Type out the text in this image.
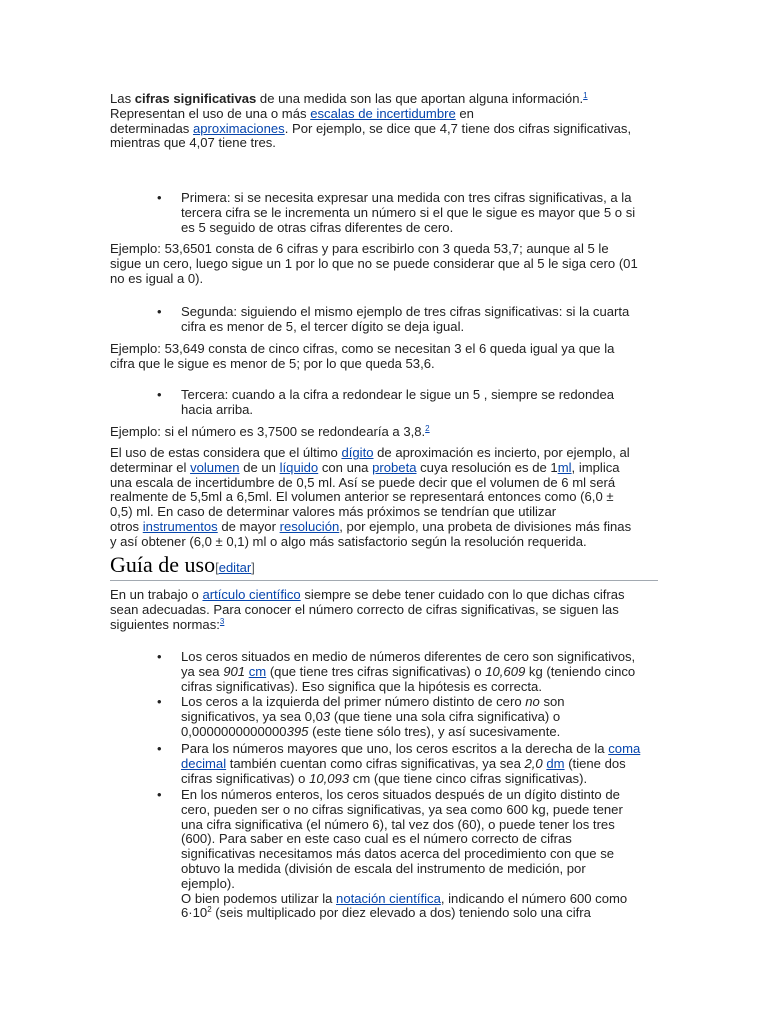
Las cifras significativas de una medida son las que aportan alguna información.$^1$
Representan el uso de una o más escalas de incertidumbre en
determinadas aproximaciones. Por ejemplo, se dice que 4,7 tiene dos cifras significativas,
mientras que 4,07 tiene tres.

• Primera: si se necesita expresar una medida con tres cifras significativas, a la
tercera cifra se le incrementa un número si el que le sigue es mayor que 5 o si
es 5 seguido de otras cifras diferentes de cero.

Ejemplo: 53,6501 consta de 6 cifras y para escribirlo con 3 queda 53,7; aunque al 5 le
sigue un cero, luego sigue un 1 por lo que no se puede considerar que al 5 le siga cero (01
no es igual a 0).

• Segunda: siguiendo el mismo ejemplo de tres cifras significativas: si la cuarta
cifra es menor de 5, el tercer dígito se deja igual.

Ejemplo: 53,649 consta de cinco cifras, como se necesitan 3 el 6 queda igual ya que la
cifra que le sigue es menor de 5; por lo que queda 53,6.

• Tercera: cuando a la cifra a redondear le sigue un 5 , siempre se redondea
hacia arriba.

Ejemplo: si el número es 3,7500 se redondearía a 3,8.$^2$

El uso de estas considera que el último dígito de aproximación es incierto, por ejemplo, al
determinar el volumen de un líquido con una probeta cuya resolución es de 1ml, implica
una escala de incertidumbre de 0,5 ml. Así se puede decir que el volumen de 6 ml será
realmente de 5,5ml a 6,5ml. El volumen anterior se representará entonces como (6,0 ±
0,5) ml. En caso de determinar valores más próximos se tendrían que utilizar
otros instrumentos de mayor resolución, por ejemplo, una probeta de divisiones más finas
y así obtener (6,0 ± 0,1) ml o algo más satisfactorio según la resolución requerida.

Guía de uso[editar]

En un trabajo o artículo científico siempre se debe tener cuidado con lo que dichas cifras
sean adecuadas. Para conocer el número correcto de cifras significativas, se siguen las
siguientes normas:$^3$

• Los ceros situados en medio de números diferentes de cero son significativos,
ya sea 901 cm (que tiene tres cifras significativas) o 10,609 kg (teniendo cinco
cifras significativas). Eso significa que la hipótesis es correcta.

• Los ceros a la izquierda del primer número distinto de cero no son
significativos, ya sea 0,03 (que tiene una sola cifra significativa) o
0,0000000000000395 (este tiene sólo tres), y así sucesivamente.

• Para los números mayores que uno, los ceros escritos a la derecha de la coma
decimal también cuentan como cifras significativas, ya sea 2,0 dm (tiene dos
cifras significativas) o 10,093 cm (que tiene cinco cifras significativas).

• En los números enteros, los ceros situados después de un dígito distinto de
cero, pueden ser o no cifras significativas, ya sea como 600 kg, puede tener
una cifra significativa (el número 6), tal vez dos (60), o puede tener los tres
(600). Para saber en este caso cual es el número correcto de cifras
significativas necesitamos más datos acerca del procedimiento con que se
obtuvo la medida (división de escala del instrumento de medición, por
ejemplo).
O bien podemos utilizar la notación científica, indicando el número 600 como
$6\cdot 10^2$ (seis multiplicado por diez elevado a dos) teniendo solo una cifra
